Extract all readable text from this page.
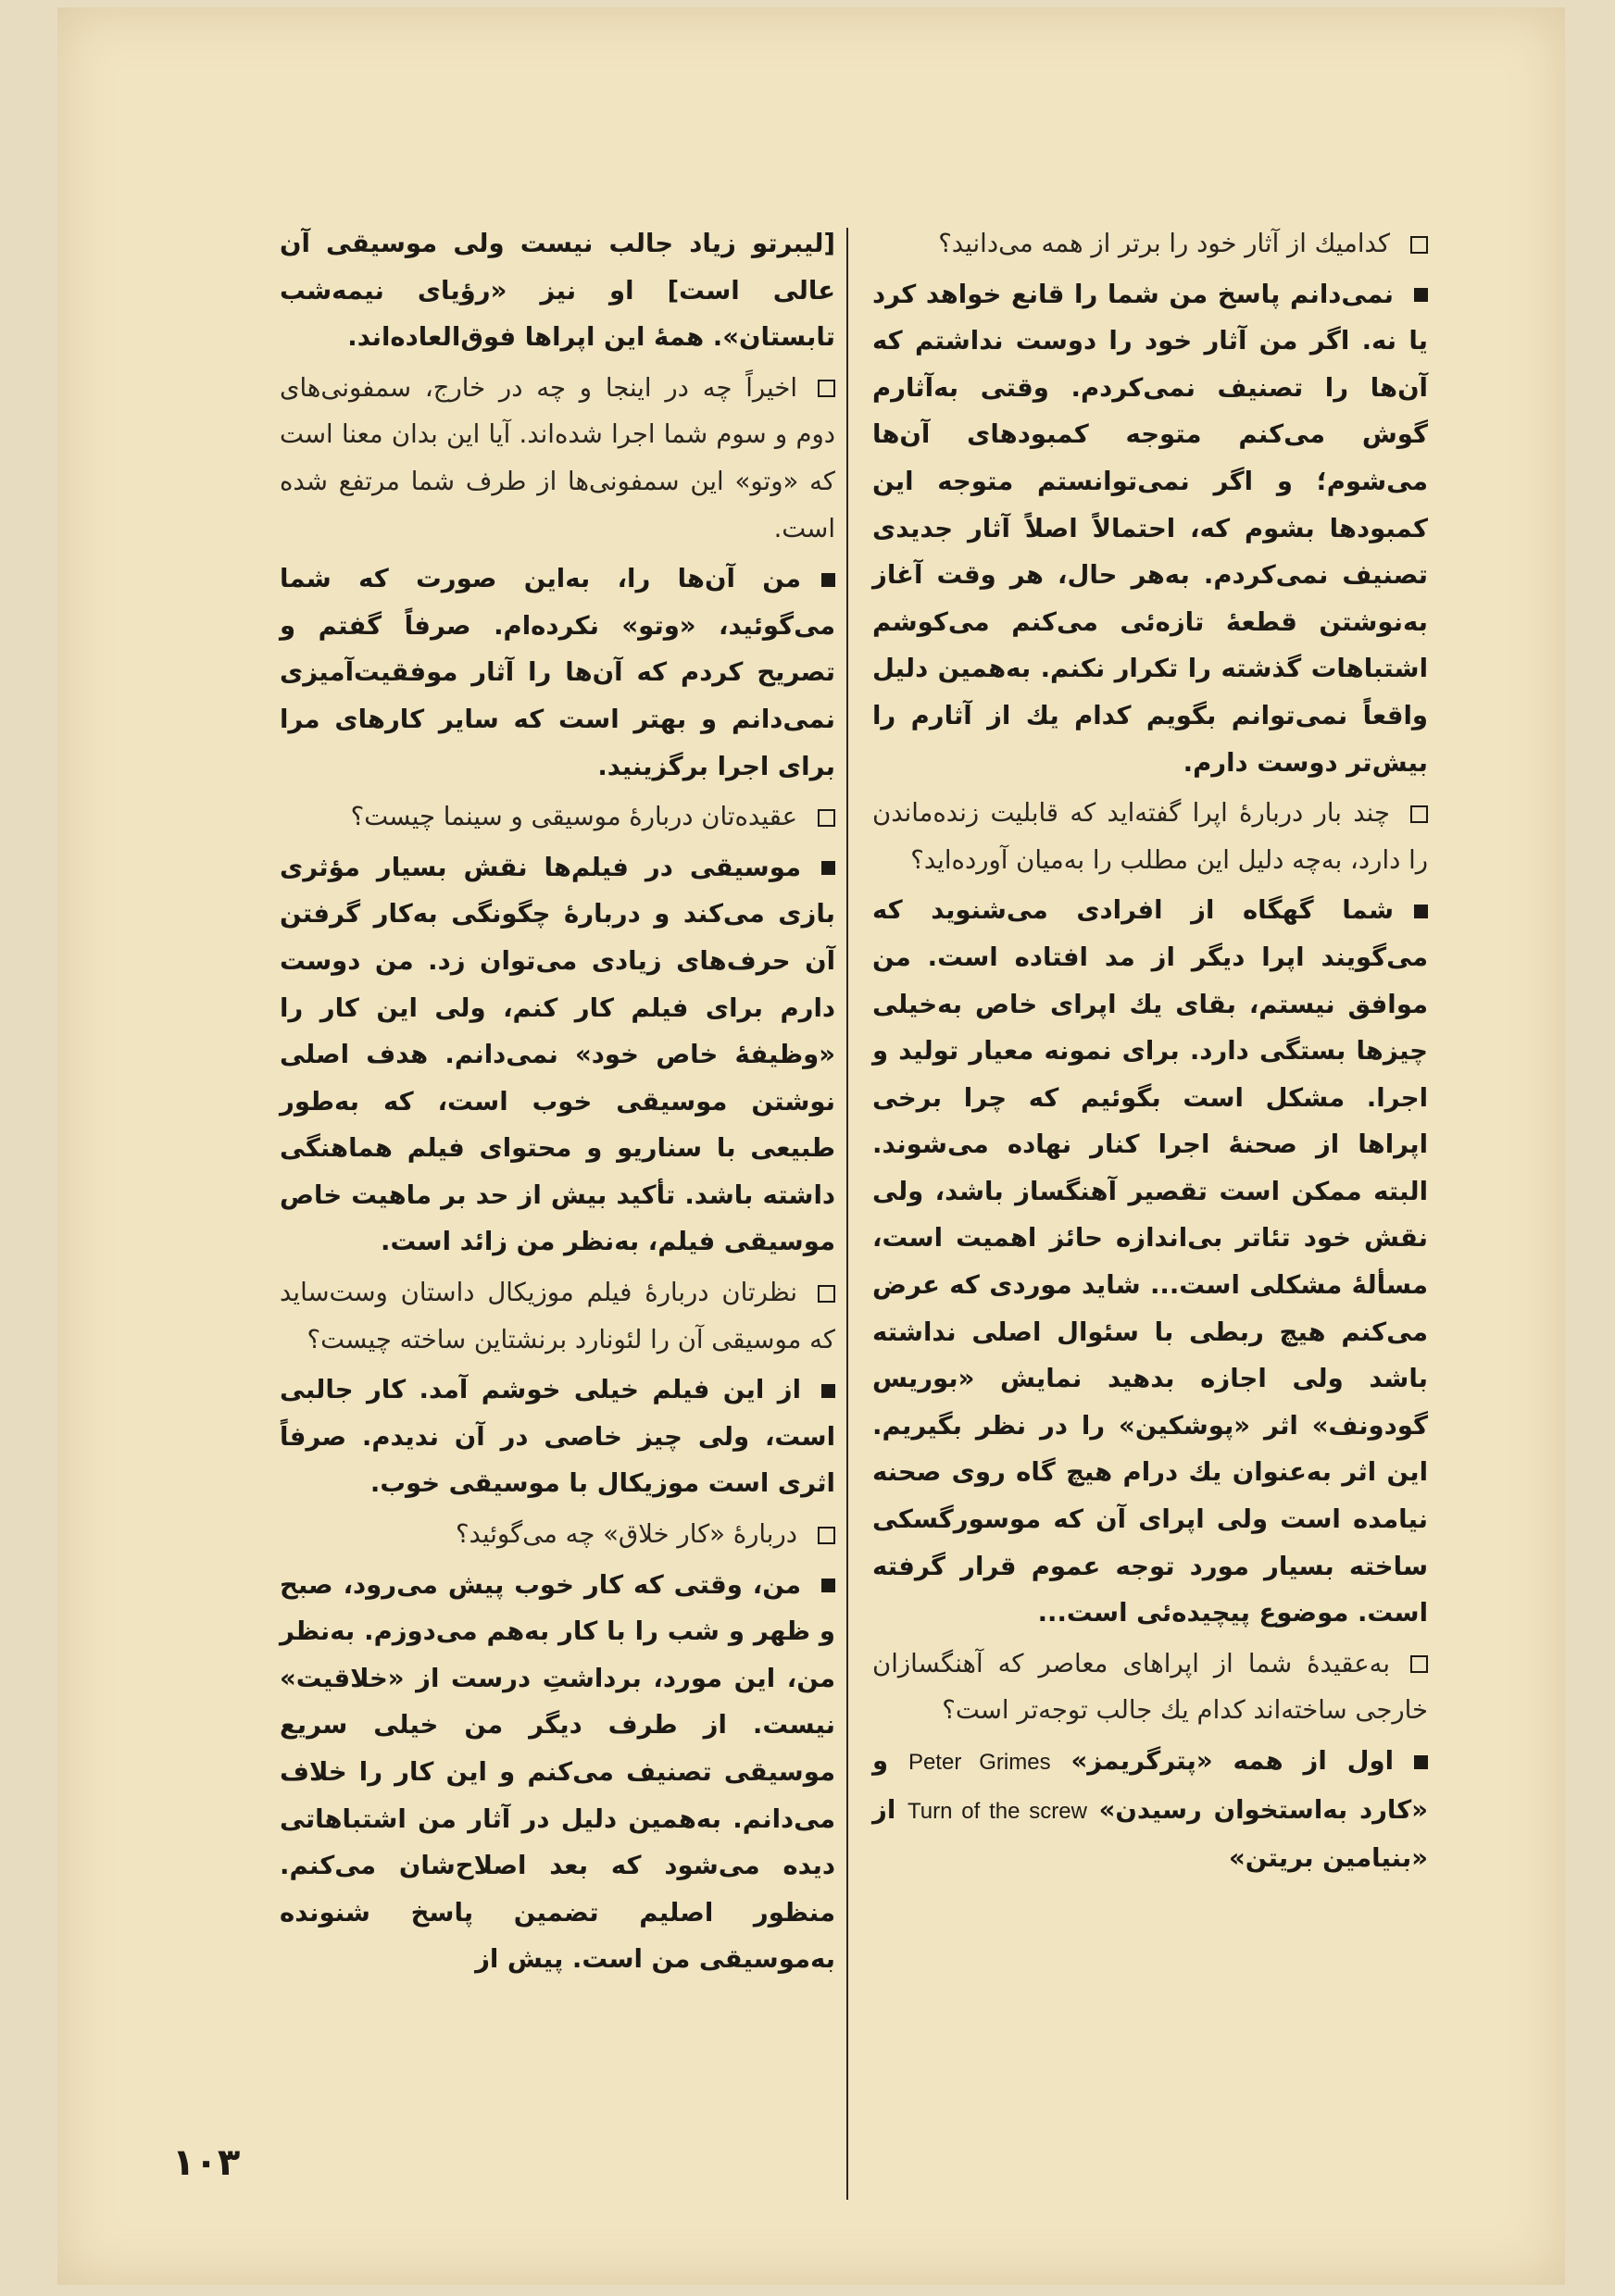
کدامیك از آثار خود را برتر از همه می‌دانید؟

نمی‌دانم پاسخ من شما را قانع خواهد کرد یا نه. اگر من آثار خود را دوست نداشتم که آن‌ها را تصنیف نمی‌کردم. وقتی به‌آثارم گوش می‌کنم متوجه کمبودهای آن‌ها می‌شوم؛ و اگر نمی‌توانستم متوجه این کمبودها بشوم که، احتمالاً اصلاً آثار جدیدی تصنیف نمی‌کردم. به‌هر حال، هر وقت آغاز به‌نوشتن قطعهٔ تازه‌ئی می‌کنم می‌کوشم اشتباهات گذشته را تکرار نکنم. به‌همین دلیل واقعاً نمی‌توانم بگویم کدام یك از آثارم را بیش‌تر دوست دارم.

چند بار دربارهٔ اپرا گفته‌اید که قابلیت زنده‌ماندن را دارد، به‌چه دلیل این مطلب را به‌میان آورده‌اید؟

شما گهگاه از افرادی می‌شنوید که می‌گویند اپرا دیگر از مد افتاده است. من موافق نیستم، بقای یك اپرای خاص به‌خیلی چیزها بستگی دارد. برای نمونه معیار تولید و اجرا. مشکل است بگوئیم که چرا برخی اپراها از صحنهٔ اجرا کنار نهاده می‌شوند. البته ممکن است تقصیر آهنگساز باشد، ولی نقش خود تئاتر بی‌اندازه حائز اهمیت است، مسألهٔ مشکلی است... شاید موردی که عرض می‌کنم هیچ ربطی با سئوال اصلی نداشته باشد ولی اجازه بدهید نمایش «بوریس گودونف» اثر «پوشکین» را در نظر بگیریم. این اثر به‌عنوان یك درام هیچ گاه روی صحنه نیامده است ولی اپرای آن که موسورگسکی ساخته بسیار مورد توجه عموم قرار گرفته است. موضوع پیچیده‌ئی است...

به‌عقیدهٔ شما از اپراهای معاصر که آهنگسازان خارجی ساخته‌اند کدام یك جالب توجه‌تر است؟

اول از همه «پترگریمز» Peter Grimes و «کارد به‌استخوان رسیدن» Turn of the screw از «بنیامین بریتن»

[لیبرتو زیاد جالب نیست ولی موسیقی آن عالی است] او نیز «رؤیای نیمه‌شب تابستان». همهٔ این اپراها فوق‌العاده‌اند.

اخیراً چه در اینجا و چه در خارج، سمفونی‌های دوم و سوم شما اجرا شده‌اند. آیا این بدان معنا است که «وتو» این سمفونی‌ها از طرف شما مرتفع شده است.

من آن‌ها را، به‌این صورت که شما می‌گوئید، «وتو» نکرده‌ام. صرفاً گفتم و تصریح کردم که آن‌ها را آثار موفقیت‌آمیزی نمی‌دانم و بهتر است که سایر کارهای مرا برای اجرا برگزینید.

عقیده‌تان دربارهٔ موسیقی و سینما چیست؟

موسیقی در فیلم‌ها نقش بسیار مؤثری بازی می‌کند و دربارهٔ چگونگی به‌کار گرفتن آن حرف‌های زیادی می‌توان زد. من دوست دارم برای فیلم کار کنم، ولی این کار را «وظیفهٔ خاص خود» نمی‌دانم. هدف اصلی نوشتن موسیقی خوب است، که به‌طور طبیعی با سناریو و محتوای فیلم هماهنگی داشته باشد. تأکید بیش از حد بر ماهیت خاص موسیقی فیلم، به‌نظر من زائد است.

نظرتان دربارهٔ فیلم موزیکال داستان وست‌ساید که موسیقی آن را لئونارد برنشتاین ساخته چیست؟

از این فیلم خیلی خوشم آمد. کار جالبی است، ولی چیز خاصی در آن ندیدم. صرفاً اثری است موزیکال با موسیقی خوب.

دربارهٔ «کار خلاق» چه می‌گوئید؟

من، وقتی که کار خوب پیش می‌رود، صبح و ظهر و شب را با کار به‌هم می‌دوزم. به‌نظر من، این مورد، برداشتِ درست از «خلاقیت» نیست. از طرف دیگر من خیلی سریع موسیقی تصنیف می‌کنم و این کار را خلاف می‌دانم. به‌همین دلیل در آثار من اشتباهاتی دیده می‌شود که بعد اصلاح‌شان می‌کنم. منظور اصلیم تضمین پاسخ شنونده به‌موسیقی من است. پیش از

۱۰۳
